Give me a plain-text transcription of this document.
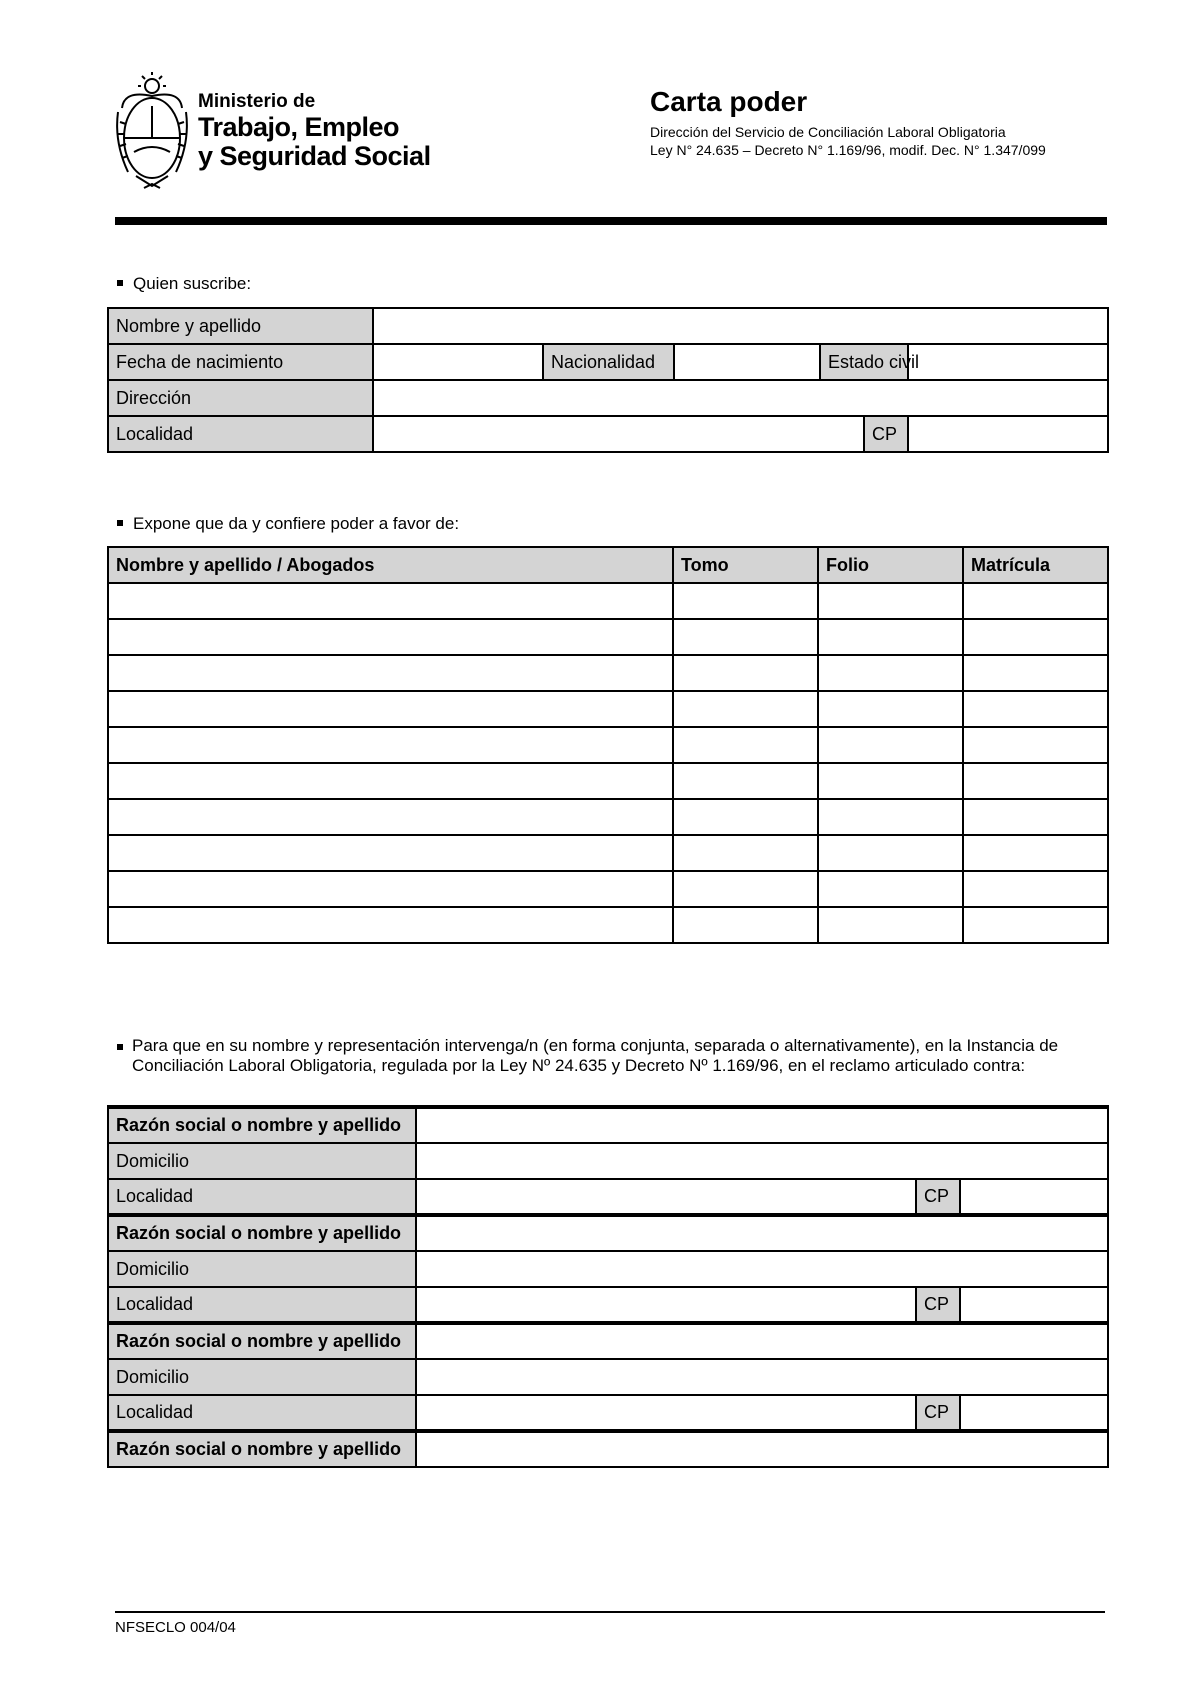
Ministerio de
Trabajo, Empleo
y Seguridad Social
Carta poder
Dirección del Servicio de Conciliación Laboral Obligatoria
Ley N° 24.635 – Decreto N° 1.169/96, modif. Dec. N° 1.347/099
Quien suscribe:
Nombre y apellido						
Fecha de nacimiento		Nacionalidad		Estado civil		
Dirección						
Localidad					CP	
Expone que da y confiere poder a favor de:
Nombre y apellido / Abogados	Tomo	Folio	Matrícula

Para que en su nombre y representación intervenga/n (en forma conjunta, separada o alternativamente), en la Instancia de Conciliación Laboral Obligatoria, regulada por la Ley Nº 24.635 y Decreto Nº 1.169/96, en el reclamo articulado contra:
Razón social o nombre y apellido			
Domicilio			
Localidad		CP	
Razón social o nombre y apellido			
Domicilio			
Localidad		CP	
Razón social o nombre y apellido			
Domicilio			
Localidad		CP	
Razón social o nombre y apellido			
NFSECLO 004/04
